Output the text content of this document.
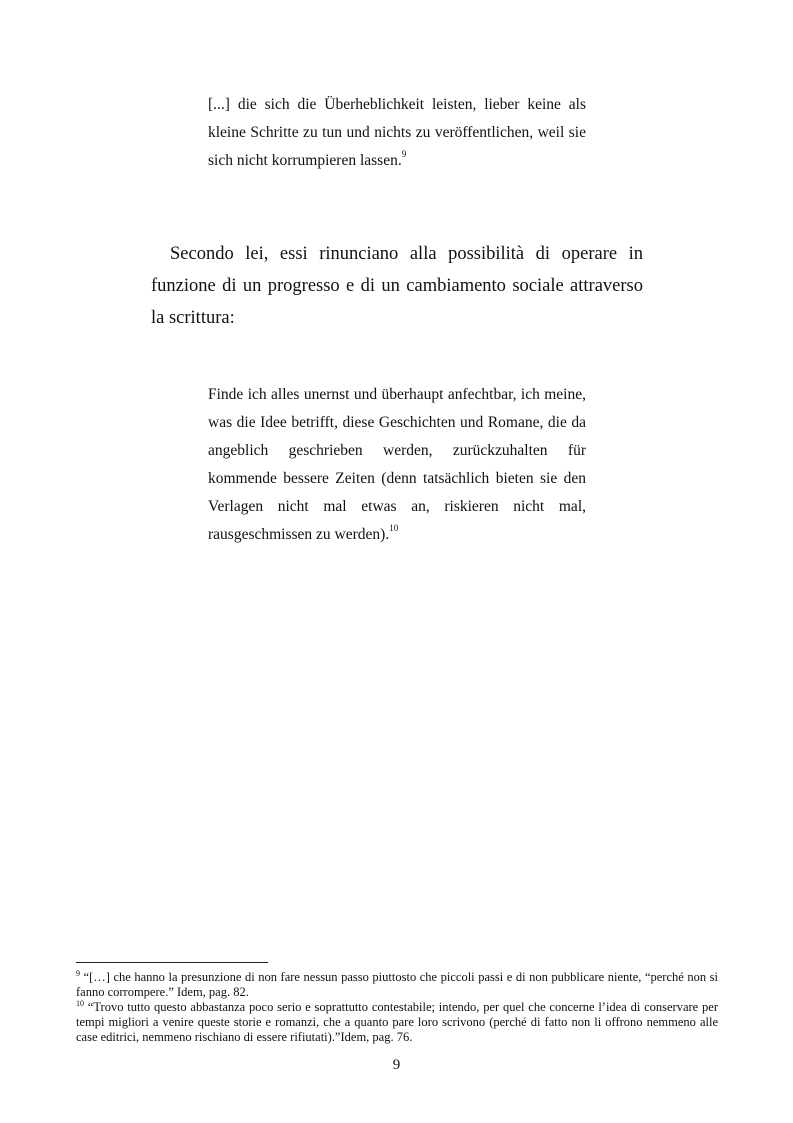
[...] die sich die Überheblichkeit leisten, lieber keine als kleine Schritte zu tun und nichts zu veröffentlichen, weil sie sich nicht korrumpieren lassen.$^9$
Secondo lei, essi rinunciano alla possibilità di operare in funzione di un progresso e di un cambiamento sociale attraverso la scrittura:
Finde ich alles unernst und überhaupt anfechtbar, ich meine, was die Idee betrifft, diese Geschichten und Romane, die da angeblich geschrieben werden, zurückzuhalten für kommende bessere Zeiten (denn tatsächlich bieten sie den Verlagen nicht mal etwas an, riskieren nicht mal, rausgeschmissen zu werden).$^{10}$

$^9$ “[…] che hanno la presunzione di non fare nessun passo piuttosto che piccoli passi e di non pubblicare niente, “perché non si fanno corrompere.” Idem, pag. 82.

$^{10}$ “Trovo tutto questo abbastanza poco serio e soprattutto contestabile; intendo, per quel che concerne l’idea di conservare per tempi migliori a venire queste storie e romanzi, che a quanto pare loro scrivono (perché di fatto non li offrono nemmeno alle case editrici, nemmeno rischiano di essere rifiutati).”Idem, pag. 76.

9
